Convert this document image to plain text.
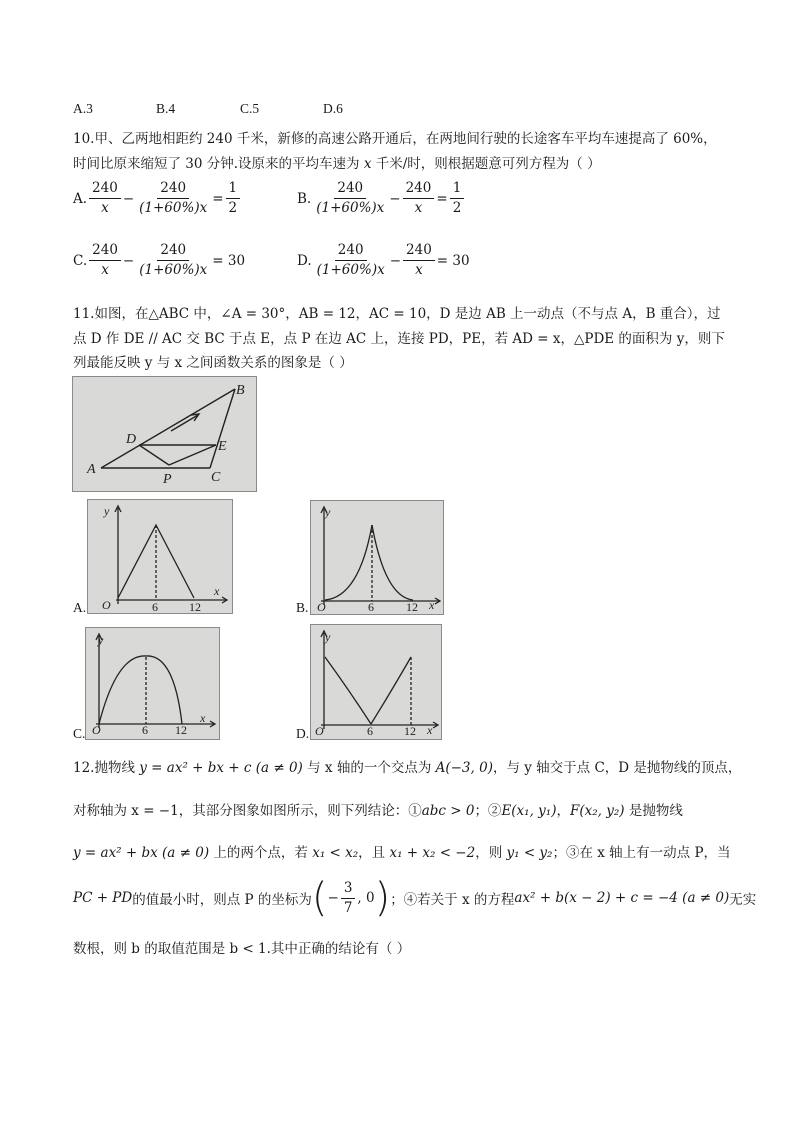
A.3	B.4	C.5	D.6
10.甲、乙两地相距约 240 千米，新修的高速公路开通后，在两地间行驶的长途客车平均车速提高了 60%，
时间比原来缩短了 30 分钟.设原来的平均车速为 x 千米/时，则根据题意可列方程为（ ）
A. $\frac{240}{x} - \frac{240}{(1+60\%)x} = \frac{1}{2}$	B. $\frac{240}{(1+60\%)x} - \frac{240}{x} = \frac{1}{2}$
C. $\frac{240}{x} - \frac{240}{(1+60\%)x} = 30$	D. $\frac{240}{(1+60\%)x} - \frac{240}{x} = 30$
11.如图，在△ABC 中，∠A = 30°，AB = 12，AC = 10，D 是边 AB 上一动点（不与点 A，B 重合），过
点 D 作 DE // AC 交 BC 于点 E，点 P 在边 AC 上，连接 PD，PE，若 AD = x，△PDE 的面积为 y，则下
列最能反映 y 与 x 之间函数关系的图象是（ ）
A
B
C
D	E
P
A.
y
x
O	6	12	B.
y
x
O	6	12
C.
y
x
O	6 12	D.
y
x
O	6	12
12.抛物线 y = ax² + bx + c (a ≠ 0) 与 x 轴的一个交点为 A(−3, 0)，与 y 轴交于点 C，D 是抛物线的顶点，
对称轴为 x = −1，其部分图象如图所示，则下列结论：①abc > 0；②E(x₁, y₁)，F(x₂, y₂) 是抛物线
y = ax² + bx (a ≠ 0) 上的两个点，若 x₁ < x₂，且 x₁ + x₂ < −2，则 y₁ < y₂；③在 x 轴上有一动点 P，当
PC + PD 的值最小时，则点 P 的坐标为 ( − $\frac{3}{7}$ , 0 ) ；④若关于 x 的方程 ax² + b(x − 2) + c = −4 (a ≠ 0) 无实
数根，则 b 的取值范围是 b < 1.其中正确的结论有（ ）
